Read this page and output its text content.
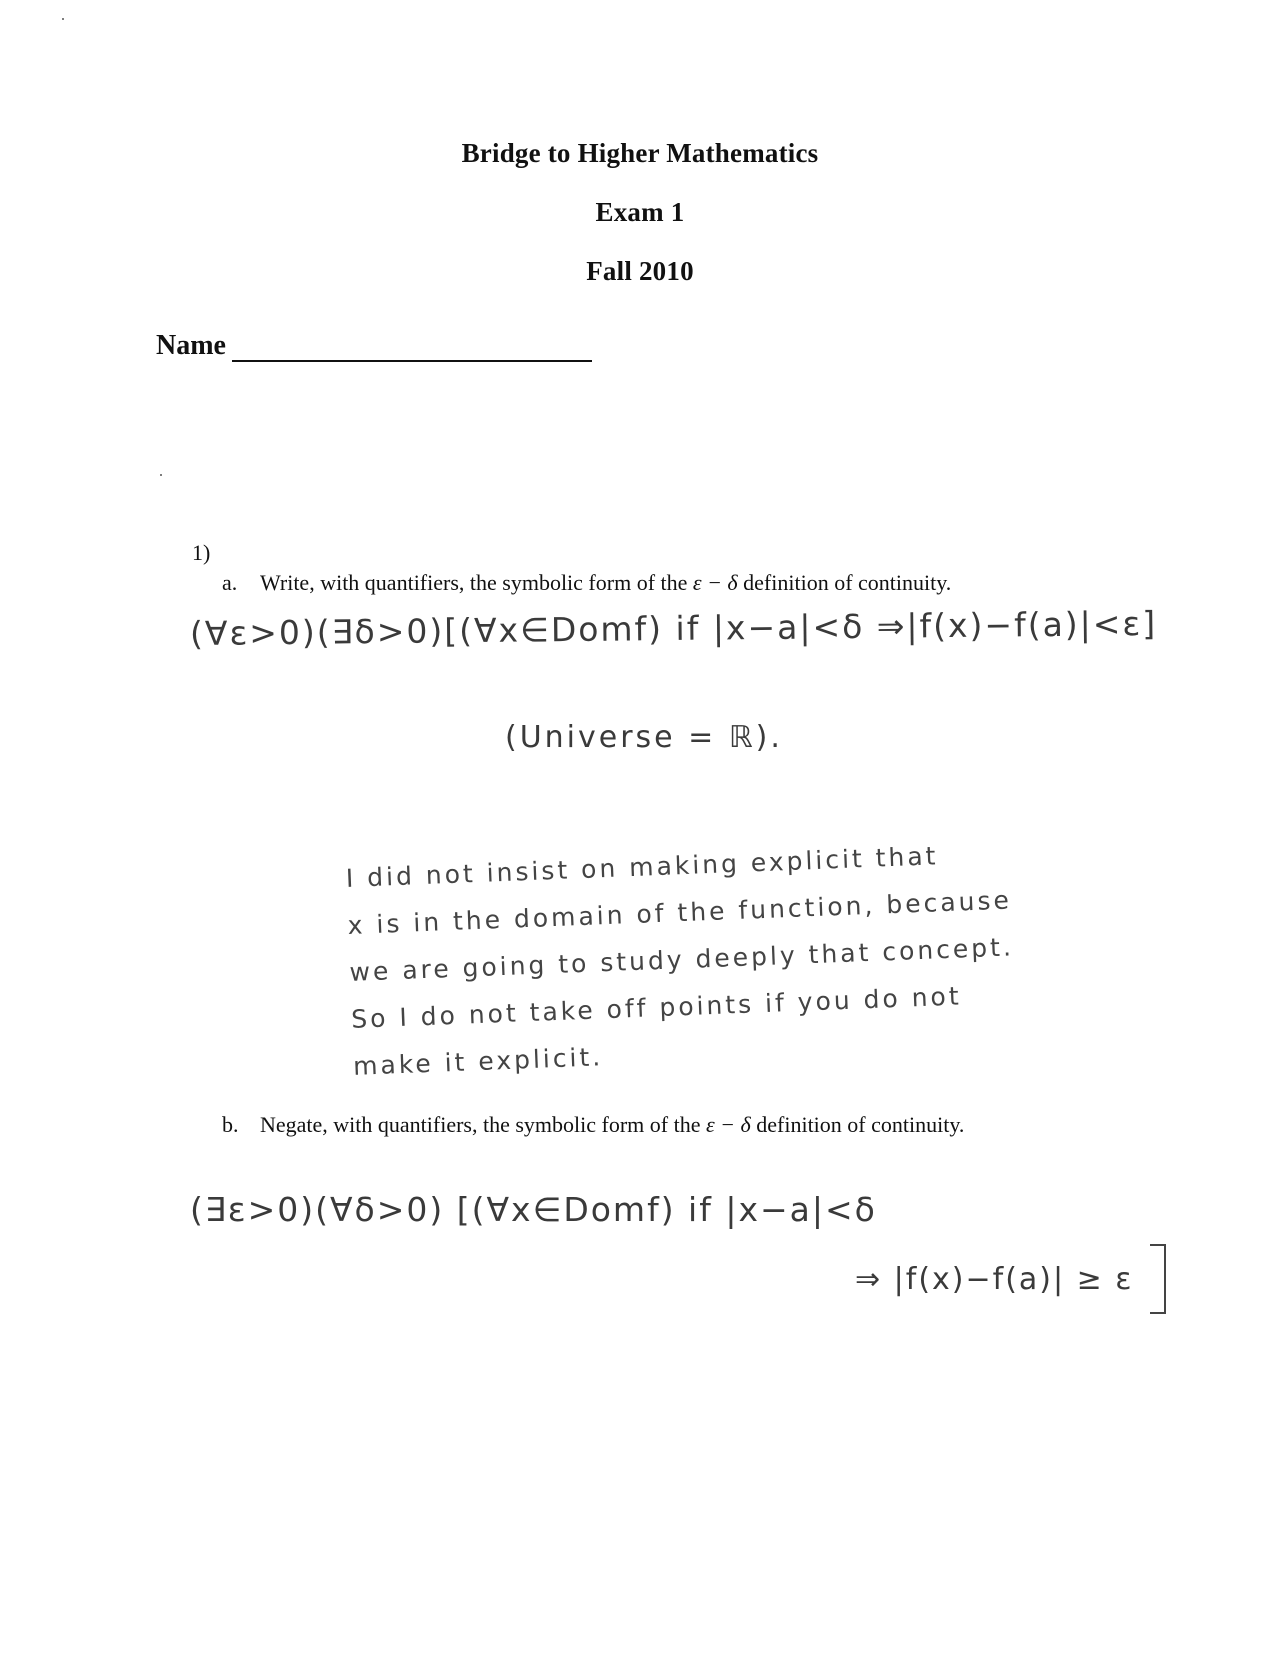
Bridge to Higher Mathematics
Exam 1
Fall 2010
Name
1)
a. Write, with quantifiers, the symbolic form of the ε − δ definition of continuity.
(∀ε>0)(∃δ>0)[(∀x∈Domf) if |x−a|<δ ⇒|f(x)−f(a)|<ε]
(Universe = ℝ).
I did not insist on making explicit that
x is in the domain of the function, because
we are going to study deeply that concept.
So I do not take off points if you do not
make it explicit.
b. Negate, with quantifiers, the symbolic form of the ε − δ definition of continuity.
(∃ε>0)(∀δ>0) [(∀x∈Domf) if |x−a|<δ
⇒ |f(x)−f(a)| ≥ ε
